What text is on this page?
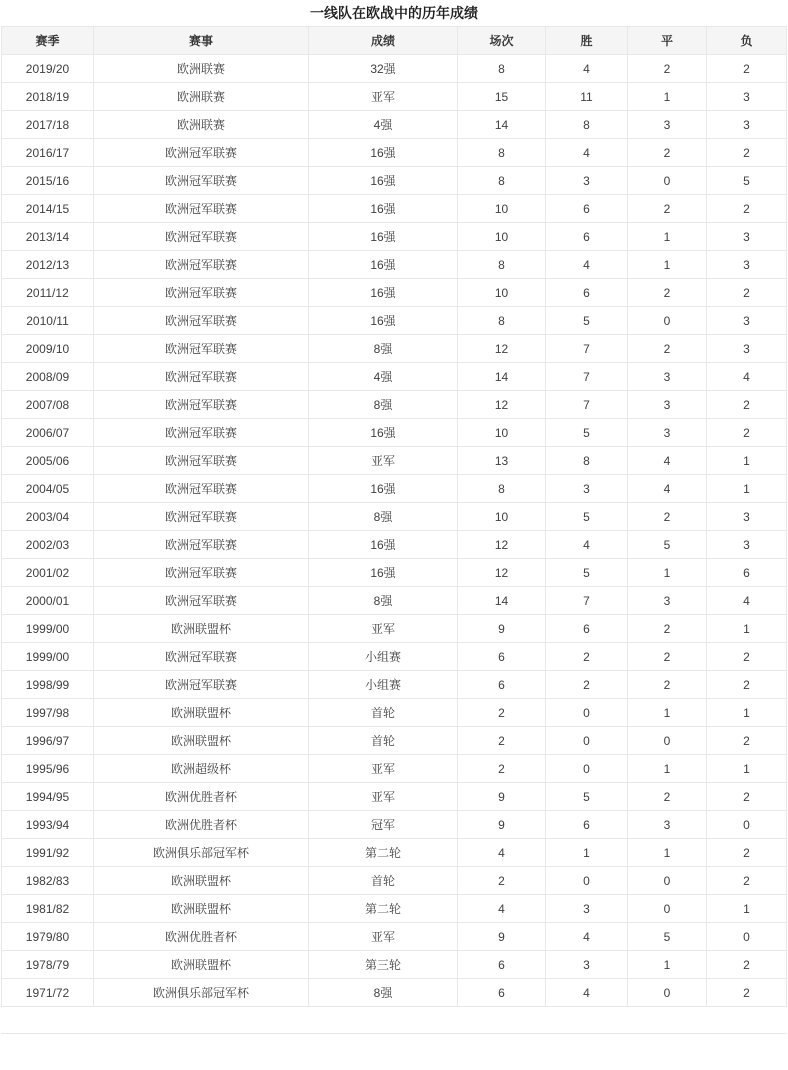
一线队在欧战中的历年成绩
赛季	赛事	成绩	场次	胜	平	负
2019/20	欧洲联赛	32强	8	4	2	2
2018/19	欧洲联赛	亚军	15	11	1	3
2017/18	欧洲联赛	4强	14	8	3	3
2016/17	欧洲冠军联赛	16强	8	4	2	2
2015/16	欧洲冠军联赛	16强	8	3	0	5
2014/15	欧洲冠军联赛	16强	10	6	2	2
2013/14	欧洲冠军联赛	16强	10	6	1	3
2012/13	欧洲冠军联赛	16强	8	4	1	3
2011/12	欧洲冠军联赛	16强	10	6	2	2
2010/11	欧洲冠军联赛	16强	8	5	0	3
2009/10	欧洲冠军联赛	8强	12	7	2	3
2008/09	欧洲冠军联赛	4强	14	7	3	4
2007/08	欧洲冠军联赛	8强	12	7	3	2
2006/07	欧洲冠军联赛	16强	10	5	3	2
2005/06	欧洲冠军联赛	亚军	13	8	4	1
2004/05	欧洲冠军联赛	16强	8	3	4	1
2003/04	欧洲冠军联赛	8强	10	5	2	3
2002/03	欧洲冠军联赛	16强	12	4	5	3
2001/02	欧洲冠军联赛	16强	12	5	1	6
2000/01	欧洲冠军联赛	8强	14	7	3	4
1999/00	欧洲联盟杯	亚军	9	6	2	1
1999/00	欧洲冠军联赛	小组赛	6	2	2	2
1998/99	欧洲冠军联赛	小组赛	6	2	2	2
1997/98	欧洲联盟杯	首轮	2	0	1	1
1996/97	欧洲联盟杯	首轮	2	0	0	2
1995/96	欧洲超级杯	亚军	2	0	1	1
1994/95	欧洲优胜者杯	亚军	9	5	2	2
1993/94	欧洲优胜者杯	冠军	9	6	3	0
1991/92	欧洲俱乐部冠军杯	第二轮	4	1	1	2
1982/83	欧洲联盟杯	首轮	2	0	0	2
1981/82	欧洲联盟杯	第二轮	4	3	0	1
1979/80	欧洲优胜者杯	亚军	9	4	5	0
1978/79	欧洲联盟杯	第三轮	6	3	1	2
1971/72	欧洲俱乐部冠军杯	8强	6	4	0	2
